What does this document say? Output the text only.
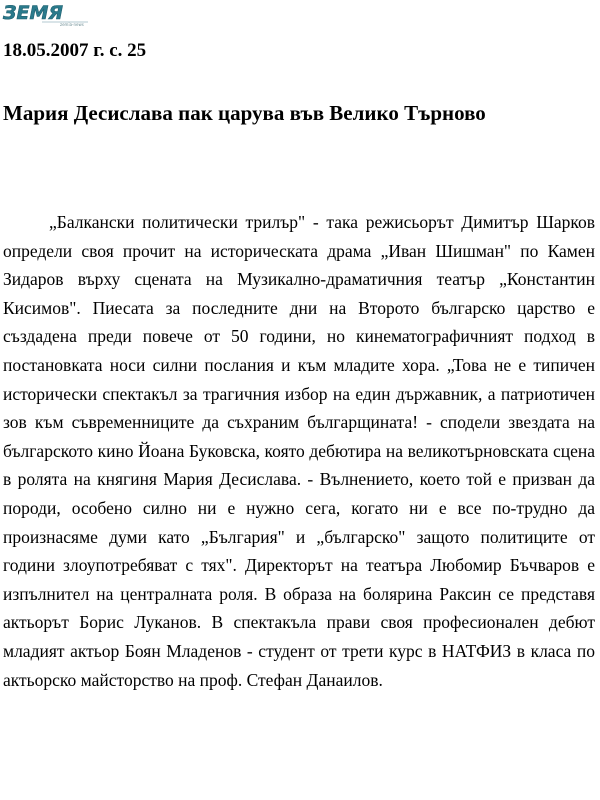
ЗЕМЯ
zemia-news
18.05.2007 г. с. 25
Мария Десислава пак царува във Велико Търново

„Балкански политически трилър" - така режисьорът Димитър Шарков определи своя прочит на историческата драма „Иван Шишман" по Камен Зидаров върху сцената на Музикално-драматичния театър „Константин Кисимов". Пиесата за последните дни на Второто българско царство е създадена преди повече от 50 години, но кинематографичният подход в постановката носи силни послания и към младите хора. „Това не е типичен исторически спектакъл за трагичния избор на един държавник, а патриотичен зов към съвременниците да съхраним българщината! - сподели звездата на българското кино Йоана Буковска, която дебютира на великотърновската сцена в ролята на княгиня Мария Десислава. - Вълнението, което той е призван да породи, особено силно ни е нужно сега, когато ни е все по-трудно да произнасяме думи като „България" и „българско" защото политиците от години злоупотребяват с тях". Директорът на театъра Любомир Бъчваров е изпълнител на централната роля. В образа на болярина Раксин се представя актьорът Борис Луканов. В спектакъла прави своя професионален дебют младият актьор Боян Младенов - студент от трети курс в НАТФИЗ в класа по актьорско майсторство на проф. Стефан Данаилов.
